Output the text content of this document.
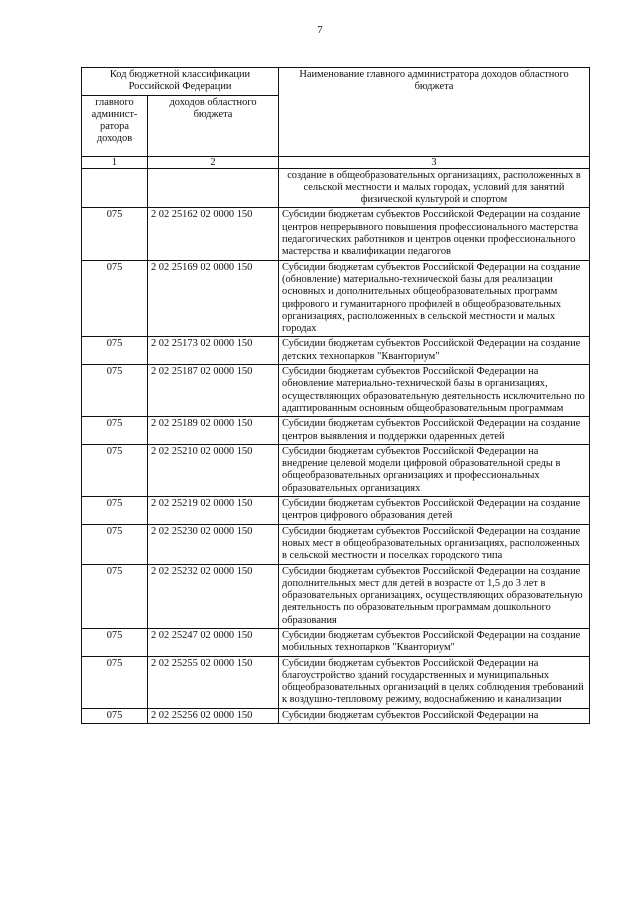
7
Код бюджетной классификации Российской Федерации		Наименование главного администратора доходов областного бюджета
главного админист-ратора доходов	доходов областного бюджета	
1	2	3
		создание в общеобразовательных организациях, расположенных в сельской местности и малых городах, условий для занятий физической культурой и спортом
075	2 02 25162 02 0000 150	Субсидии бюджетам субъектов Российской Федерации на создание центров непрерывного повышения профессионального мастерства педагогических работников и центров оценки профессионального мастерства и квалификации педагогов
075	2 02 25169 02 0000 150	Субсидии бюджетам субъектов Российской Федерации на создание (обновление) материально-технической базы для реализации основных и дополнительных общеобразовательных программ цифрового и гуманитарного профилей в общеобразовательных организациях, расположенных в сельской местности и малых городах
075	2 02 25173 02 0000 150	Субсидии бюджетам субъектов Российской Федерации на создание детских технопарков "Кванториум"
075	2 02 25187 02 0000 150	Субсидии бюджетам субъектов Российской Федерации на обновление материально-технической базы в организациях, осуществляющих образовательную деятельность исключительно по адаптированным основным общеобразовательным программам
075	2 02 25189 02 0000 150	Субсидии бюджетам субъектов Российской Федерации на создание центров выявления и поддержки одаренных детей
075	2 02 25210 02 0000 150	Субсидии бюджетам субъектов Российской Федерации на внедрение целевой модели цифровой образовательной среды в общеобразовательных организациях и профессиональных образовательных организациях
075	2 02 25219 02 0000 150	Субсидии бюджетам субъектов Российской Федерации на создание центров цифрового образования детей
075	2 02 25230 02 0000 150	Субсидии бюджетам субъектов Российской Федерации на создание новых мест в общеобразовательных организациях, расположенных в сельской местности и поселках городского типа
075	2 02 25232 02 0000 150	Субсидии бюджетам субъектов Российской Федерации на создание дополнительных мест для детей в возрасте от 1,5 до 3 лет в образовательных организациях, осуществляющих образовательную деятельность по образовательным программам дошкольного образования
075	2 02 25247 02 0000 150	Субсидии бюджетам субъектов Российской Федерации на создание мобильных технопарков "Кванториум"
075	2 02 25255 02 0000 150	Субсидии бюджетам субъектов Российской Федерации на благоустройство зданий государственных и муниципальных общеобразовательных организаций в целях соблюдения требований к воздушно-тепловому режиму, водоснабжению и канализации
075	2 02 25256 02 0000 150	Субсидии бюджетам субъектов Российской Федерации на
